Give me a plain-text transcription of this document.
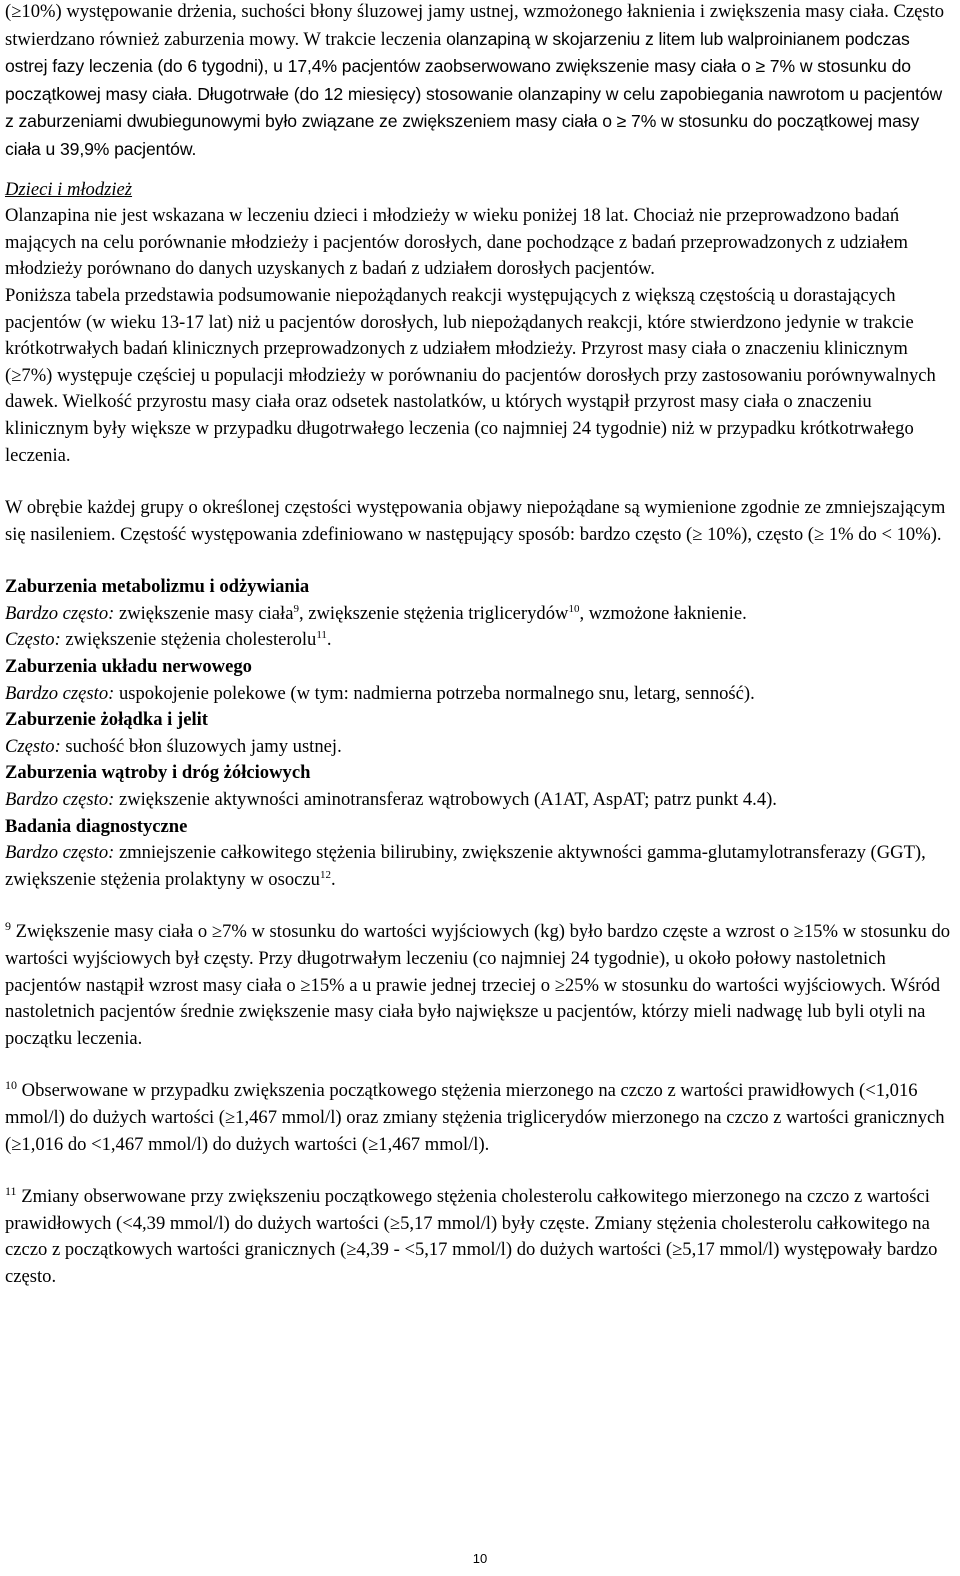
(≥10%) występowanie drżenia, suchości błony śluzowej jamy ustnej, wzmożonego łaknienia i zwiększenia masy ciała. Często stwierdzano również zaburzenia mowy. W trakcie leczenia olanzapiną w skojarzeniu z litem lub walproinianem podczas ostrej fazy leczenia (do 6 tygodni), u 17,4% pacjentów zaobserwowano zwiększenie masy ciała o ≥ 7% w stosunku do początkowej masy ciała. Długotrwałe (do 12 miesięcy) stosowanie olanzapiny w celu zapobiegania nawrotom u pacjentów z zaburzeniami dwubiegunowymi było związane ze zwiększeniem masy ciała o ≥ 7% w stosunku do początkowej masy ciała u 39,9% pacjentów.

Dzieci i młodzież

Olanzapina nie jest wskazana w leczeniu dzieci i młodzieży w wieku poniżej 18 lat. Chociaż nie przeprowadzono badań mających na celu porównanie młodzieży i pacjentów dorosłych, dane pochodzące z badań przeprowadzonych z udziałem młodzieży porównano do danych uzyskanych z badań z udziałem dorosłych pacjentów.

Poniższa tabela przedstawia podsumowanie niepożądanych reakcji występujących z większą częstością u dorastających pacjentów (w wieku 13-17 lat) niż u pacjentów dorosłych, lub niepożądanych reakcji, które stwierdzono jedynie w trakcie krótkotrwałych badań klinicznych przeprowadzonych z udziałem młodzieży. Przyrost masy ciała o znaczeniu klinicznym (≥7%) występuje częściej u populacji młodzieży w porównaniu do pacjentów dorosłych przy zastosowaniu porównywalnych dawek. Wielkość przyrostu masy ciała oraz odsetek nastolatków, u których wystąpił przyrost masy ciała o znaczeniu klinicznym były większe w przypadku długotrwałego leczenia (co najmniej 24 tygodnie) niż w przypadku krótkotrwałego leczenia.

W obrębie każdej grupy o określonej częstości występowania objawy niepożądane są wymienione zgodnie ze zmniejszającym się nasileniem. Częstość występowania zdefiniowano w następujący sposób: bardzo często (≥ 10%), często (≥ 1% do < 10%).

Zaburzenia metabolizmu i odżywiania

Bardzo często: zwiększenie masy ciała$^9$, zwiększenie stężenia triglicerydów$^{10}$, wzmożone łaknienie.

Często: zwiększenie stężenia cholesterolu$^{11}$.

Zaburzenia układu nerwowego

Bardzo często: uspokojenie polekowe (w tym: nadmierna potrzeba normalnego snu, letarg, senność).

Zaburzenie żołądka i jelit

Często: suchość błon śluzowych jamy ustnej.

Zaburzenia wątroby i dróg żółciowych

Bardzo często: zwiększenie aktywności aminotransferaz wątrobowych (A1AT, AspAT; patrz punkt 4.4).

Badania diagnostyczne

Bardzo często: zmniejszenie całkowitego stężenia bilirubiny, zwiększenie aktywności gamma-glutamylotransferazy (GGT), zwiększenie stężenia prolaktyny w osoczu$^{12}$.

$^9$ Zwiększenie masy ciała o ≥7% w stosunku do wartości wyjściowych (kg) było bardzo częste a wzrost o ≥15% w stosunku do wartości wyjściowych był częsty. Przy długotrwałym leczeniu (co najmniej 24 tygodnie), u około połowy nastoletnich pacjentów nastąpił wzrost masy ciała o ≥15% a u prawie jednej trzeciej o ≥25% w stosunku do wartości wyjściowych. Wśród nastoletnich pacjentów średnie zwiększenie masy ciała było największe u pacjentów, którzy mieli nadwagę lub byli otyli na początku leczenia.

$^{10}$ Obserwowane w przypadku zwiększenia początkowego stężenia mierzonego na czczo z wartości prawidłowych (<1,016 mmol/l) do dużych wartości (≥1,467 mmol/l) oraz zmiany stężenia triglicerydów mierzonego na czczo z wartości granicznych (≥1,016 do <1,467 mmol/l) do dużych wartości (≥1,467 mmol/l).

$^{11}$ Zmiany obserwowane przy zwiększeniu początkowego stężenia cholesterolu całkowitego mierzonego na czczo z wartości prawidłowych (<4,39 mmol/l) do dużych wartości (≥5,17 mmol/l) były częste. Zmiany stężenia cholesterolu całkowitego na czczo z początkowych wartości granicznych (≥4,39 - <5,17 mmol/l) do dużych wartości (≥5,17 mmol/l) występowały bardzo często.

10
